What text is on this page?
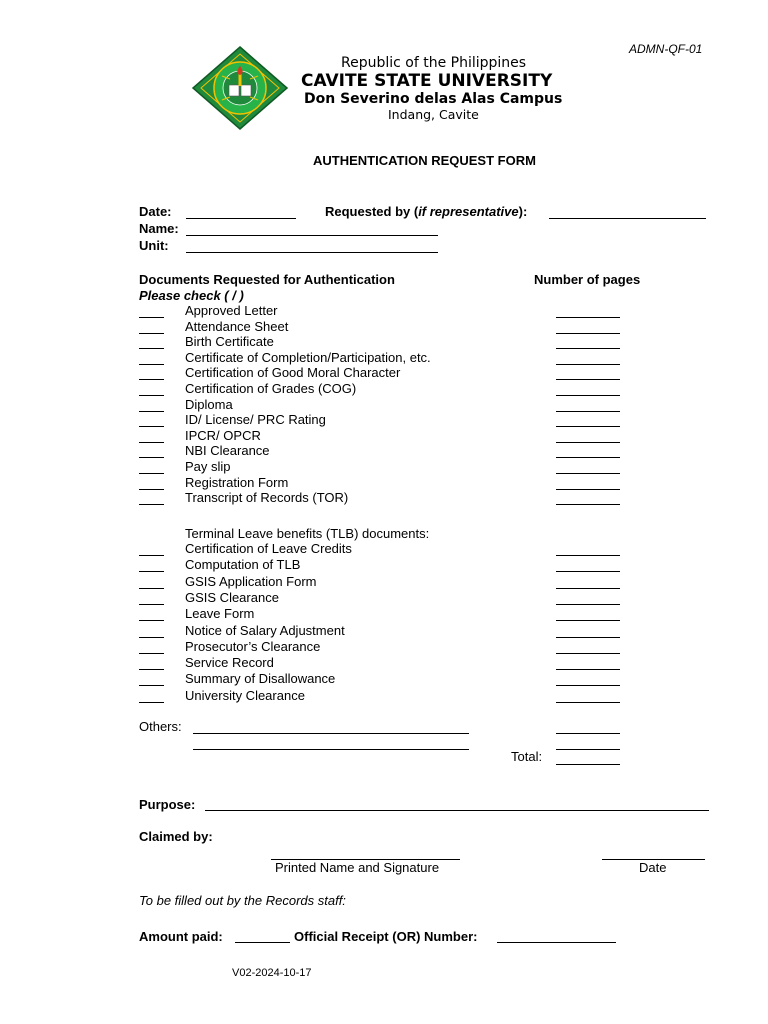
ADMN-QF-01
Republic of the Philippines
CAVITE STATE UNIVERSITY
Don Severino delas Alas Campus
Indang, Cavite
AUTHENTICATION REQUEST FORM
Date:	Requested by (if representative):
Name:
Unit:
Documents Requested for Authentication	Number of pages
Please check ( / )
Approved Letter
Attendance Sheet
Birth Certificate
Certificate of Completion/Participation, etc.
Certification of Good Moral Character
Certification of Grades (COG)
Diploma
ID/ License/ PRC Rating
IPCR/ OPCR
NBI Clearance
Pay slip
Registration Form
Transcript of Records (TOR)
Terminal Leave benefits (TLB) documents:
Certification of Leave Credits
Computation of TLB
GSIS Application Form
GSIS Clearance
Leave Form
Notice of Salary Adjustment
Prosecutor’s Clearance
Service Record
Summary of Disallowance
University Clearance
Others:
Total:
Purpose:
Claimed by:
Printed Name and Signature	Date
To be filled out by the Records staff:
Amount paid:	Official Receipt (OR) Number:
V02-2024-10-17
